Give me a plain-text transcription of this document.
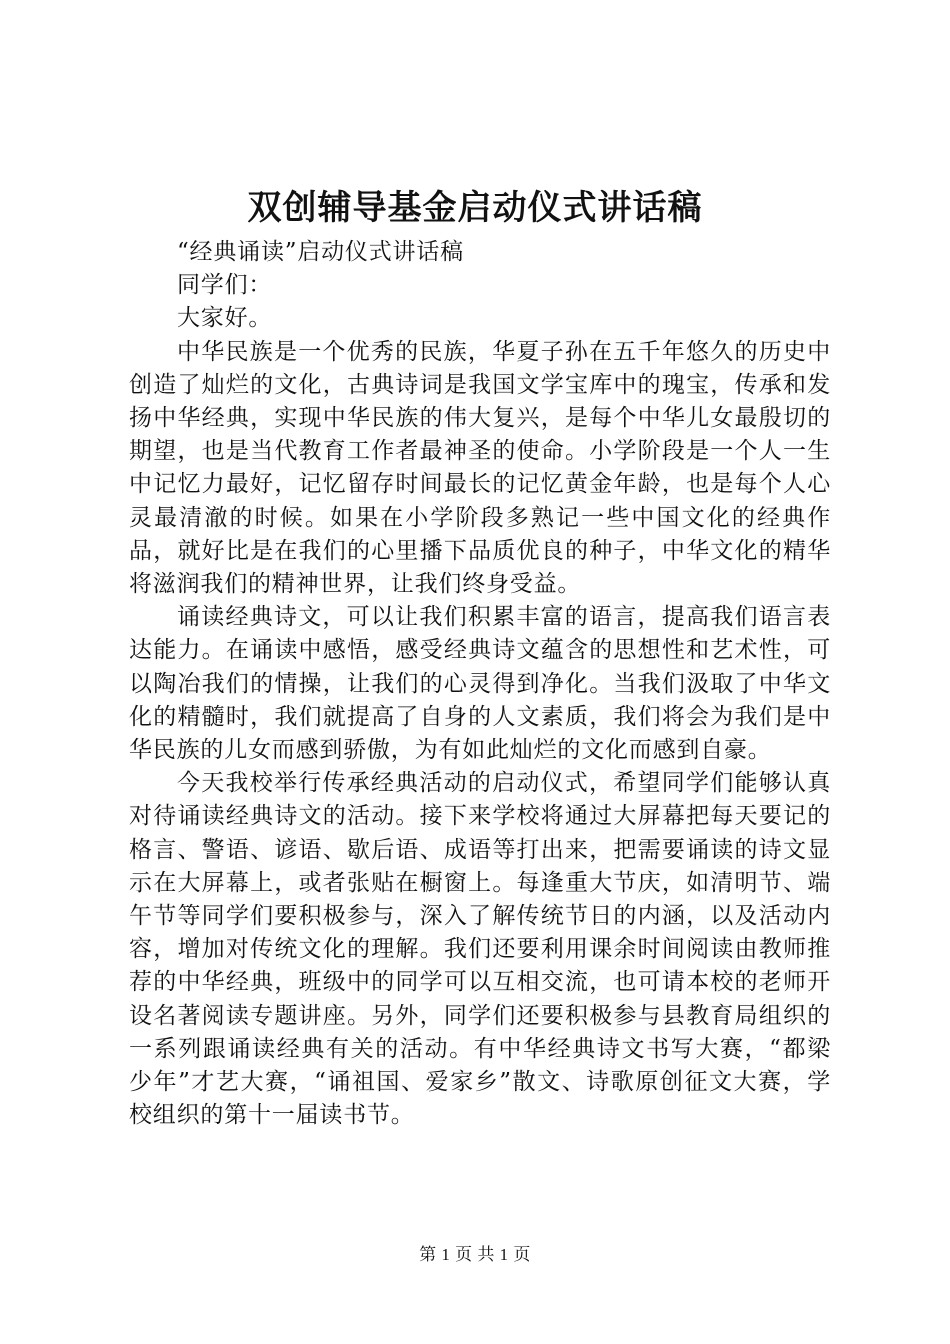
双创辅导基金启动仪式讲话稿

“经典诵读”启动仪式讲话稿

同学们：

大家好。

中华民族是一个优秀的民族，华夏子孙在五千年悠久的历史中创造了灿烂的文化，古典诗词是我国文学宝库中的瑰宝，传承和发扬中华经典，实现中华民族的伟大复兴，是每个中华儿女最殷切的期望，也是当代教育工作者最神圣的使命。小学阶段是一个人一生中记忆力最好，记忆留存时间最长的记忆黄金年龄，也是每个人心灵最清澈的时候。如果在小学阶段多熟记一些中国文化的经典作品，就好比是在我们的心里播下品质优良的种子，中华文化的精华将滋润我们的精神世界，让我们终身受益。

诵读经典诗文，可以让我们积累丰富的语言，提高我们语言表达能力。在诵读中感悟，感受经典诗文蕴含的思想性和艺术性，可以陶冶我们的情操，让我们的心灵得到净化。当我们汲取了中华文化的精髓时，我们就提高了自身的人文素质，我们将会为我们是中华民族的儿女而感到骄傲，为有如此灿烂的文化而感到自豪。

今天我校举行传承经典活动的启动仪式，希望同学们能够认真对待诵读经典诗文的活动。接下来学校将通过大屏幕把每天要记的格言、警语、谚语、歇后语、成语等打出来，把需要诵读的诗文显示在大屏幕上，或者张贴在橱窗上。每逢重大节庆，如清明节、端午节等同学们要积极参与，深入了解传统节日的内涵，以及活动内容，增加对传统文化的理解。我们还要利用课余时间阅读由教师推荐的中华经典，班级中的同学可以互相交流，也可请本校的老师开设名著阅读专题讲座。另外，同学们还要积极参与县教育局组织的一系列跟诵读经典有关的活动。有中华经典诗文书写大赛，“都梁少年”才艺大赛，“诵祖国、爱家乡”散文、诗歌原创征文大赛，学校组织的第十一届读书节。

第 1 页 共 1 页
